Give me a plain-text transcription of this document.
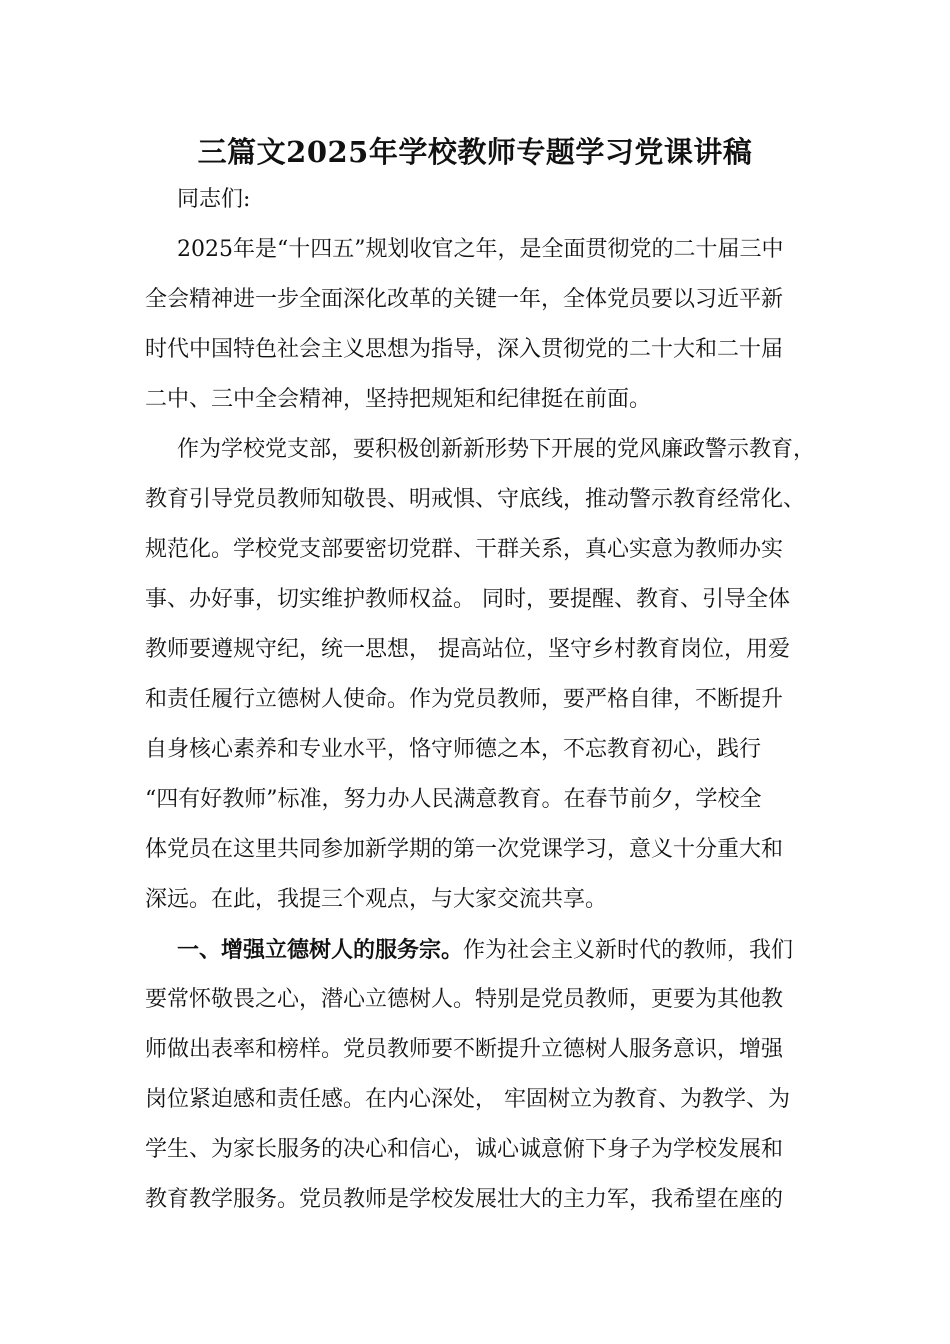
三篇文2025年学校教师专题学习党课讲稿
同志们:
2025年是“十四五”规划收官之年，是全面贯彻党的二十届三中
全会精神进一步全面深化改革的关键一年，全体党员要以习近平新
时代中国特色社会主义思想为指导，深入贯彻党的二十大和二十届
二中、三中全会精神，坚持把规矩和纪律挺在前面。
作为学校党支部，要积极创新新形势下开展的党风廉政警示教育，
教育引导党员教师知敬畏、明戒惧、守底线，推动警示教育经常化、
规范化。学校党支部要密切党群、干群关系，真心实意为教师办实
事、办好事，切实维护教师权益。 同时，要提醒、教育、引导全体
教师要遵规守纪，统一思想， 提高站位，坚守乡村教育岗位，用爱
和责任履行立德树人使命。作为党员教师，要严格自律，不断提升
自身核心素养和专业水平，恪守师德之本，不忘教育初心，践行
“四有好教师”标准，努力办人民满意教育。在春节前夕，学校全
体党员在这里共同参加新学期的第一次党课学习，意义十分重大和
深远。在此，我提三个观点，与大家交流共享。
一、增强立德树人的服务宗。作为社会主义新时代的教师，我们
要常怀敬畏之心，潜心立德树人。特别是党员教师，更要为其他教
师做出表率和榜样。党员教师要不断提升立德树人服务意识，增强
岗位紧迫感和责任感。在内心深处， 牢固树立为教育、为教学、为
学生、为家长服务的决心和信心，诚心诚意俯下身子为学校发展和
教育教学服务。党员教师是学校发展壮大的主力军，我希望在座的
